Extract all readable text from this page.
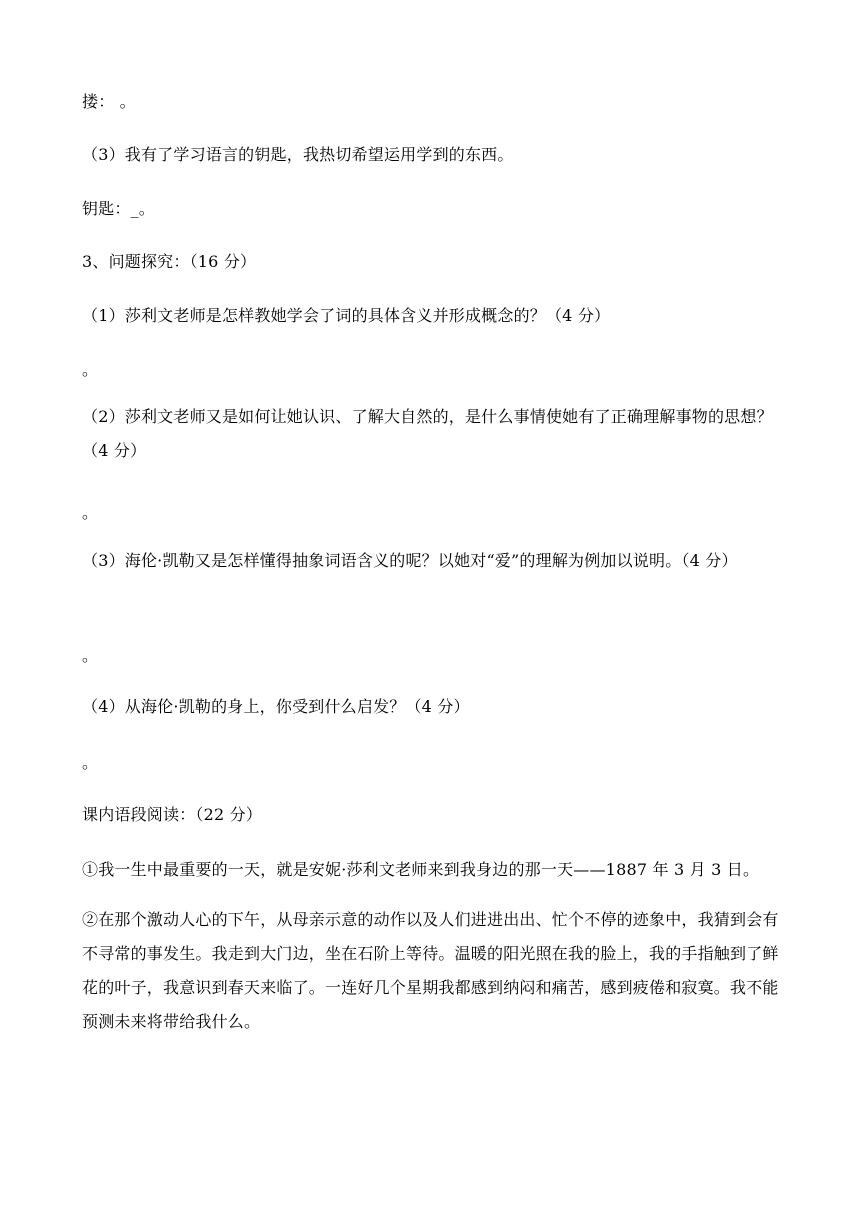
搂： 。
（3）我有了学习语言的钥匙，我热切希望运用学到的东西。
钥匙：_。
3、问题探究：（16 分）
（1）莎利文老师是怎样教她学会了词的具体含义并形成概念的？（4 分）
。
（2）莎利文老师又是如何让她认识、了解大自然的，是什么事情使她有了正确理解事物的思想？（4 分）
。
（3）海伦·凯勒又是怎样懂得抽象词语含义的呢？以她对“爱”的理解为例加以说明。（4 分）
。
（4）从海伦·凯勒的身上，你受到什么启发？（4 分）
。
课内语段阅读：（22 分）
①我一生中最重要的一天，就是安妮·莎利文老师来到我身边的那一天——1887 年 3 月 3 日。
②在那个激动人心的下午，从母亲示意的动作以及人们进进出出、忙个不停的迹象中，我猜到会有不寻常的事发生。我走到大门边，坐在石阶上等待。温暖的阳光照在我的脸上，我的手指触到了鲜花的叶子，我意识到春天来临了。一连好几个星期我都感到纳闷和痛苦，感到疲倦和寂寞。我不能预测未来将带给我什么。
